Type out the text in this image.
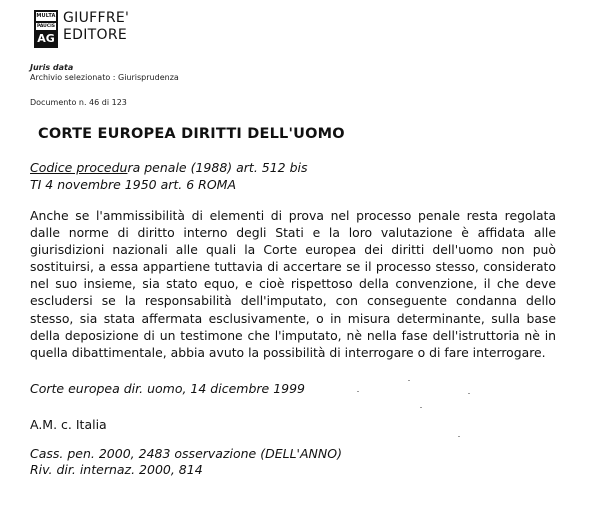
MULTA
PAUCIS
AG
GIUFFRE'
EDITORE
Juris data
Archivio selezionato : Giurisprudenza
Documento n. 46 di 123
CORTE EUROPEA DIRITTI DELL'UOMO
Codice procedura penale (1988) art. 512 bis
TI 4 novembre 1950 art. 6 ROMA
Anche se l'ammissibilità di elementi di prova nel processo penale resta regolata dalle norme di diritto interno degli Stati e la loro valutazione è affidata alle giurisdizioni nazionali alle quali la Corte europea dei diritti dell'uomo non può sostituirsi, a essa appartiene tuttavia di accertare se il processo stesso, considerato nel suo insieme, sia stato equo, e cioè rispettoso della convenzione, il che deve escludersi se la responsabilità dell'imputato, con conseguente condanna dello stesso, sia stata affermata esclusivamente, o in misura determinante, sulla base della deposizione di un testimone che l'imputato, nè nella fase dell'istruttoria nè in quella dibattimentale, abbia avuto la possibilità di interrogare o di fare interrogare.
Corte europea dir. uomo, 14 dicembre 1999
A.M. c. Italia
Cass. pen. 2000, 2483 osservazione (DELL'ANNO)
Riv. dir. internaz. 2000, 814
